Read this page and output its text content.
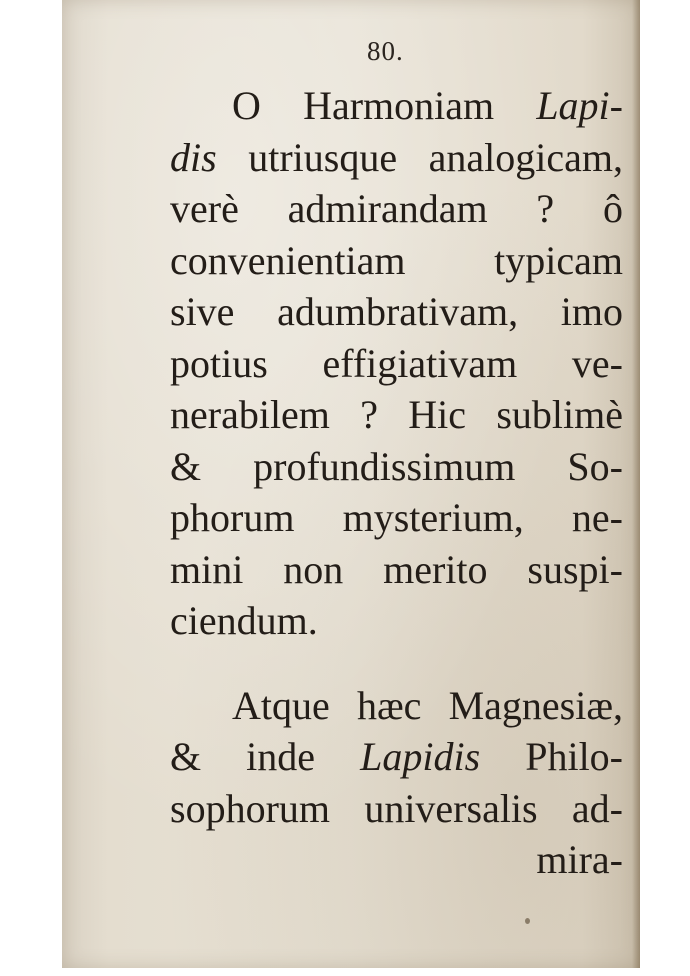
80.
O Harmoniam Lapi-
dis utriusque analogicam,
verè admirandam ? ô
convenientiam typicam
sive adumbrativam, imo
potius effigiativam ve-
nerabilem ? Hic sublimè
& profundissimum So-
phorum mysterium, ne-
mini non merito suspi-
ciendum.
Atque hæc Magnesiæ,
& inde Lapidis Philo-
sophorum universalis ad-
mira-
